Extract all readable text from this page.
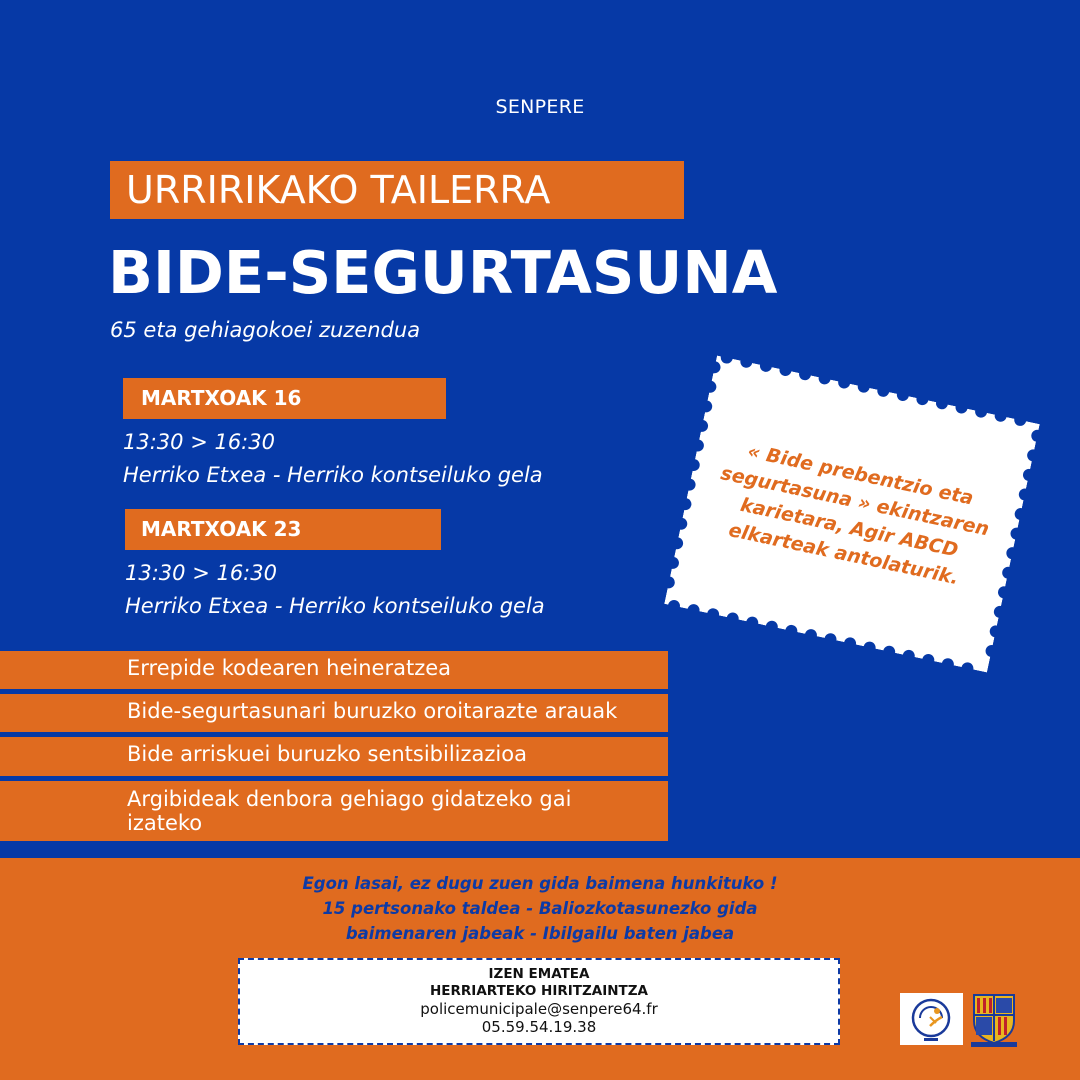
SENPERE
URRIRIKAKO TAILERRA
BIDE-SEGURTASUNA
65 eta gehiagokoei zuzendua
MARTXOAK 16
13:30 > 16:30
Herriko Etxea - Herriko kontseiluko gela
MARTXOAK 23
13:30 > 16:30
Herriko Etxea - Herriko kontseiluko gela
Errepide kodearen heineratzea
Bide-segurtasunari buruzko oroitarazte arauak
Bide arriskuei buruzko sentsibilizazioa
Argibideak denbora gehiago gidatzeko gai izateko
« Bide prebentzio eta segurtasuna » ekintzaren karietara, Agir ABCD elkarteak antolaturik.
Egon lasai, ez dugu zuen gida baimena hunkituko !
15 pertsonako taldea - Baliozkotasunezko gida
baimenaren jabeak - Ibilgailu baten jabea
IZEN EMATEA
HERRIARTEKO HIRITZAINTZA
policemunicipale@senpere64.fr
05.59.54.19.38
